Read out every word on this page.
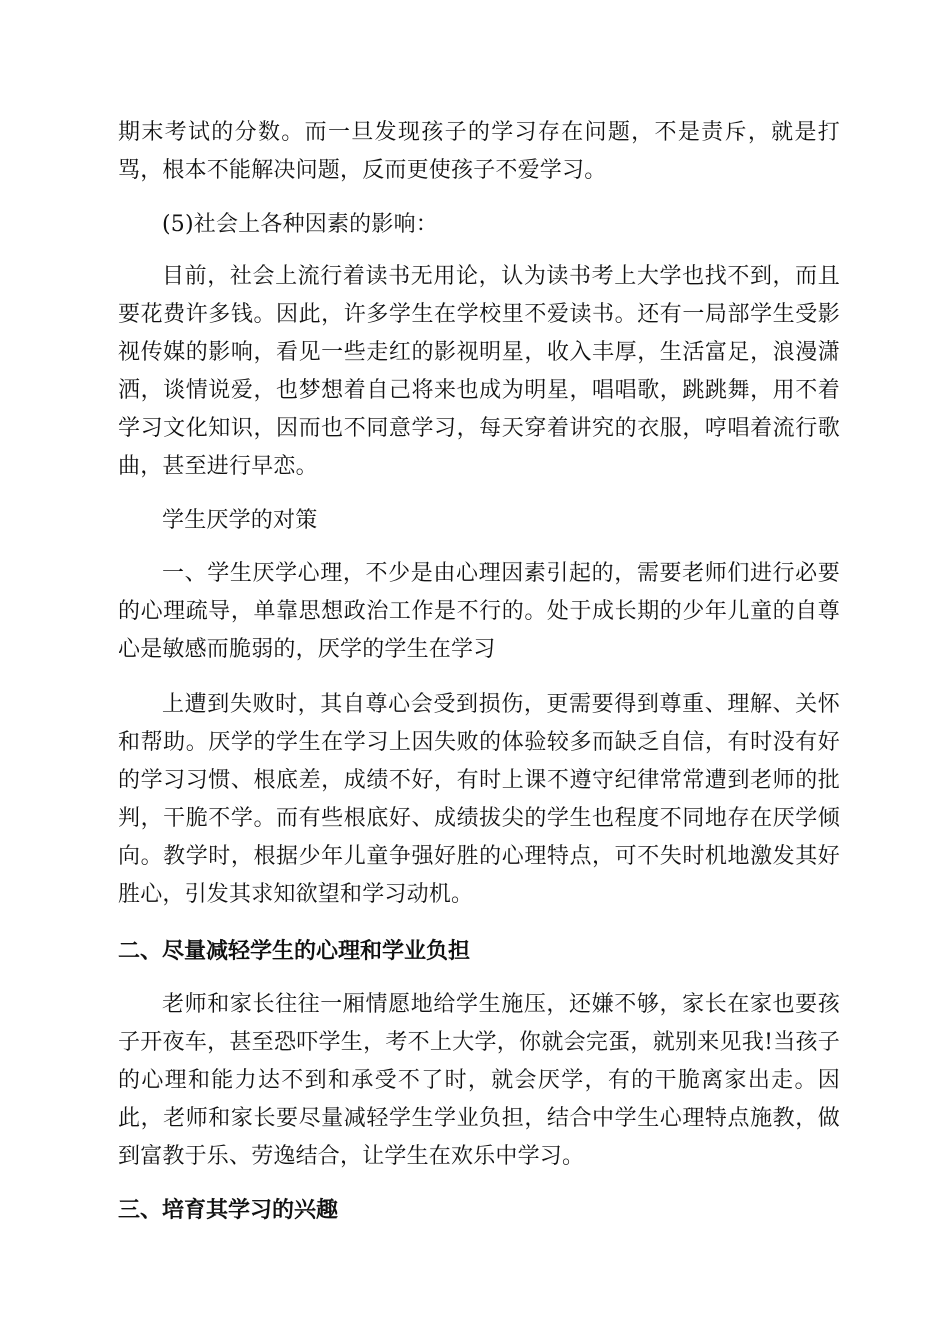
期末考试的分数。而一旦发现孩子的学习存在问题，不是责斥，就是打骂，根本不能解决问题，反而更使孩子不爱学习。

(5)社会上各种因素的影响：

目前，社会上流行着读书无用论，认为读书考上大学也找不到，而且要花费许多钱。因此，许多学生在学校里不爱读书。还有一局部学生受影视传媒的影响，看见一些走红的影视明星，收入丰厚，生活富足，浪漫潇洒，谈情说爱，也梦想着自己将来也成为明星，唱唱歌，跳跳舞，用不着学习文化知识，因而也不同意学习，每天穿着讲究的衣服，哼唱着流行歌曲，甚至进行早恋。

学生厌学的对策

一、学生厌学心理，不少是由心理因素引起的，需要老师们进行必要的心理疏导，单靠思想政治工作是不行的。处于成长期的少年儿童的自尊心是敏感而脆弱的，厌学的学生在学习

上遭到失败时，其自尊心会受到损伤，更需要得到尊重、理解、关怀和帮助。厌学的学生在学习上因失败的体验较多而缺乏自信，有时没有好的学习习惯、根底差，成绩不好，有时上课不遵守纪律常常遭到老师的批判，干脆不学。而有些根底好、成绩拔尖的学生也程度不同地存在厌学倾向。教学时，根据少年儿童争强好胜的心理特点，可不失时机地激发其好胜心，引发其求知欲望和学习动机。

二、尽量减轻学生的心理和学业负担

老师和家长往往一厢情愿地给学生施压，还嫌不够，家长在家也要孩子开夜车，甚至恐吓学生，考不上大学，你就会完蛋，就别来见我!当孩子的心理和能力达不到和承受不了时，就会厌学，有的干脆离家出走。因此，老师和家长要尽量减轻学生学业负担，结合中学生心理特点施教，做到富教于乐、劳逸结合，让学生在欢乐中学习。

三、培育其学习的兴趣
